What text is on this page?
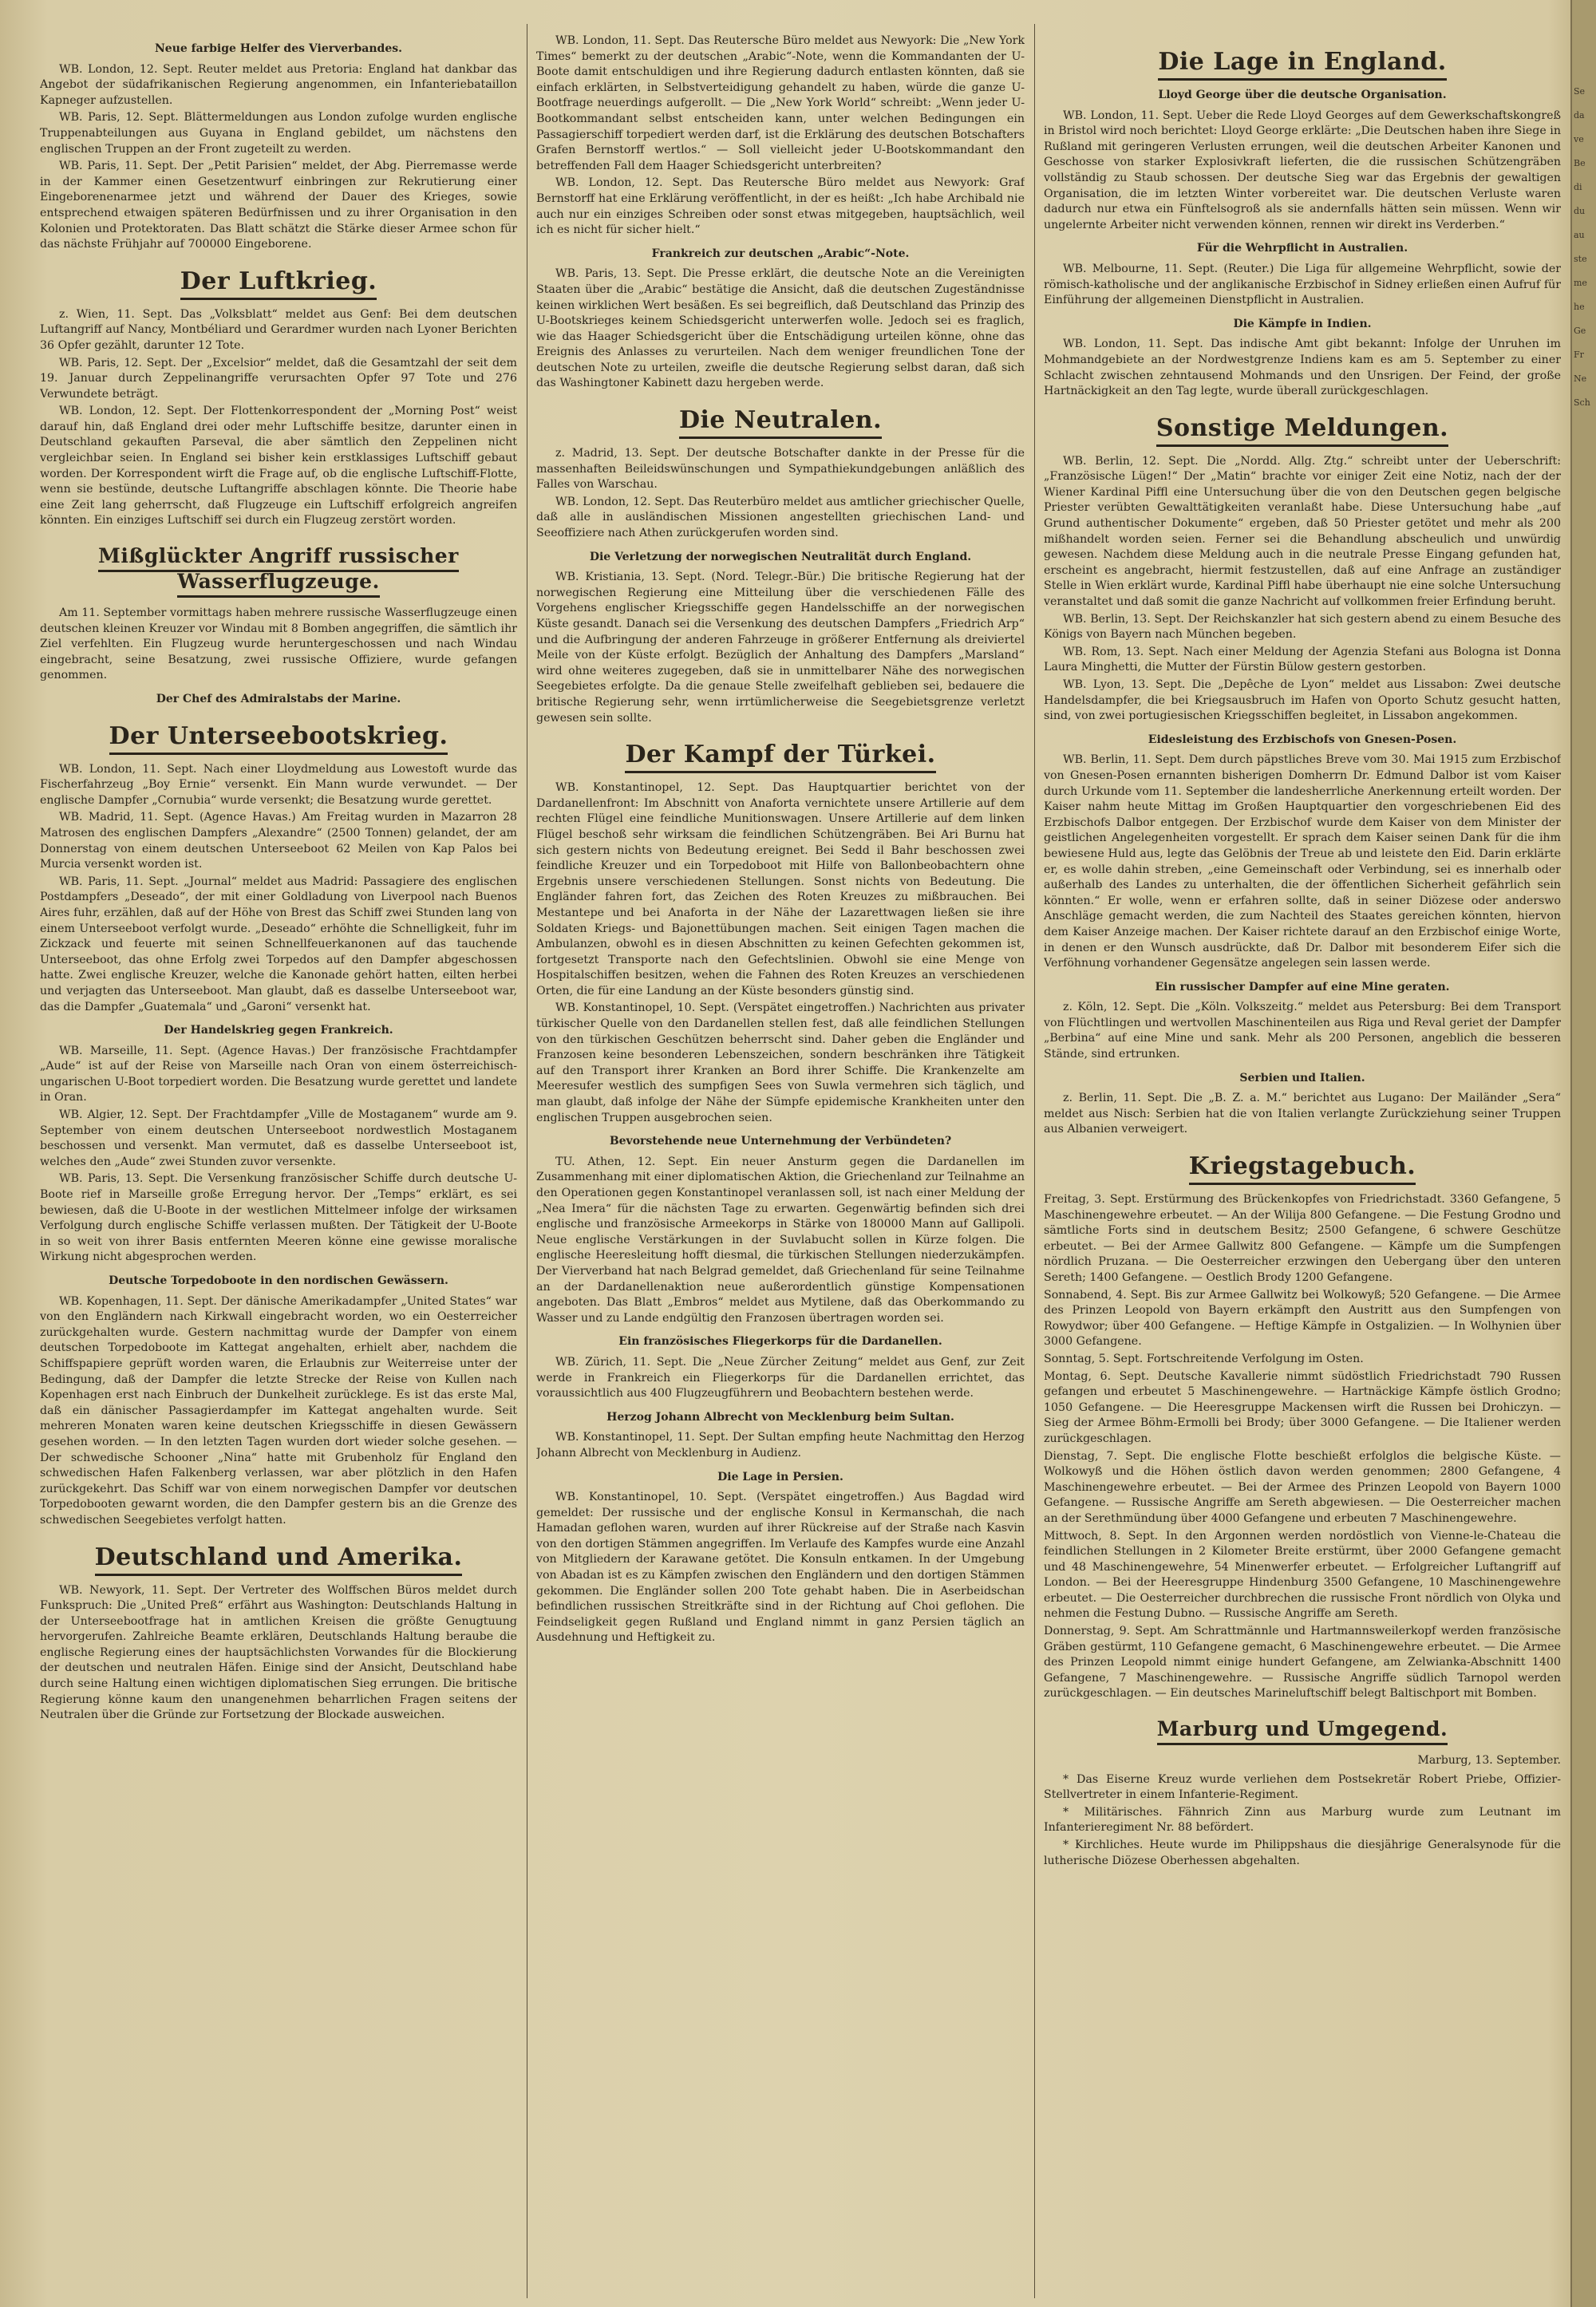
Neue farbige Helfer des Vierverbandes.

WB. London, 12. Sept. Reuter meldet aus Pretoria: England hat dankbar das Angebot der südafrikanischen Regierung angenommen, ein Infanteriebataillon Kapneger aufzustellen.

WB. Paris, 12. Sept. Blättermeldungen aus London zufolge wurden englische Truppenabteilungen aus Guyana in England gebildet, um nächstens den englischen Truppen an der Front zugeteilt zu werden.

WB. Paris, 11. Sept. Der „Petit Parisien“ meldet, der Abg. Pierremasse werde in der Kammer einen Gesetzentwurf einbringen zur Rekrutierung einer Eingeborenenarmee jetzt und während der Dauer des Krieges, sowie entsprechend etwaigen späteren Bedürfnissen und zu ihrer Organisation in den Kolonien und Protektoraten. Das Blatt schätzt die Stärke dieser Armee schon für das nächste Frühjahr auf 700000 Eingeborene.

Der Luftkrieg.

z. Wien, 11. Sept. Das „Volksblatt“ meldet aus Genf: Bei dem deutschen Luftangriff auf Nancy, Montbéliard und Gerardmer wurden nach Lyoner Berichten 36 Opfer gezählt, darunter 12 Tote.

WB. Paris, 12. Sept. Der „Excelsior“ meldet, daß die Gesamtzahl der seit dem 19. Januar durch Zeppelinangriffe verursachten Opfer 97 Tote und 276 Verwundete beträgt.

WB. London, 12. Sept. Der Flottenkorrespondent der „Morning Post“ weist darauf hin, daß England drei oder mehr Luftschiffe besitze, darunter einen in Deutschland gekauften Parseval, die aber sämtlich den Zeppelinen nicht vergleichbar seien. In England sei bisher kein erstklassiges Luftschiff gebaut worden. Der Korrespondent wirft die Frage auf, ob die englische Luftschiff-Flotte, wenn sie bestünde, deutsche Luftangriffe abschlagen könnte. Die Theorie habe eine Zeit lang geherrscht, daß Flugzeuge ein Luftschiff erfolgreich angreifen könnten. Ein einziges Luftschiff sei durch ein Flugzeug zerstört worden.

Mißglückter Angriff russischer Wasserflugzeuge.

Am 11. September vormittags haben mehrere russische Wasserflugzeuge einen deutschen kleinen Kreuzer vor Windau mit 8 Bomben angegriffen, die sämtlich ihr Ziel verfehlten. Ein Flugzeug wurde heruntergeschossen und nach Windau eingebracht, seine Besatzung, zwei russische Offiziere, wurde gefangen genommen.

Der Chef des Admiralstabs der Marine.
Der Unterseebootskrieg.

WB. London, 11. Sept. Nach einer Lloydmeldung aus Lowestoft wurde das Fischerfahrzeug „Boy Ernie“ versenkt. Ein Mann wurde verwundet. — Der englische Dampfer „Cornubia“ wurde versenkt; die Besatzung wurde gerettet.

WB. Madrid, 11. Sept. (Agence Havas.) Am Freitag wurden in Mazarron 28 Matrosen des englischen Dampfers „Alexandre“ (2500 Tonnen) gelandet, der am Donnerstag von einem deutschen Unterseeboot 62 Meilen von Kap Palos bei Murcia versenkt worden ist.

WB. Paris, 11. Sept. „Journal“ meldet aus Madrid: Passagiere des englischen Postdampfers „Deseado“, der mit einer Goldladung von Liverpool nach Buenos Aires fuhr, erzählen, daß auf der Höhe von Brest das Schiff zwei Stunden lang von einem Unterseeboot verfolgt wurde. „Deseado“ erhöhte die Schnelligkeit, fuhr im Zickzack und feuerte mit seinen Schnellfeuerkanonen auf das tauchende Unterseeboot, das ohne Erfolg zwei Torpedos auf den Dampfer abgeschossen hatte. Zwei englische Kreuzer, welche die Kanonade gehört hatten, eilten herbei und verjagten das Unterseeboot. Man glaubt, daß es dasselbe Unterseeboot war, das die Dampfer „Guatemala“ und „Garoni“ versenkt hat.

Der Handelskrieg gegen Frankreich.

WB. Marseille, 11. Sept. (Agence Havas.) Der französische Frachtdampfer „Aude“ ist auf der Reise von Marseille nach Oran von einem österreichisch-ungarischen U-Boot torpediert worden. Die Besatzung wurde gerettet und landete in Oran.

WB. Algier, 12. Sept. Der Frachtdampfer „Ville de Mostaganem“ wurde am 9. September von einem deutschen Unterseeboot nordwestlich Mostaganem beschossen und versenkt. Man vermutet, daß es dasselbe Unterseeboot ist, welches den „Aude“ zwei Stunden zuvor versenkte.

WB. Paris, 13. Sept. Die Versenkung französischer Schiffe durch deutsche U-Boote rief in Marseille große Erregung hervor. Der „Temps“ erklärt, es sei bewiesen, daß die U-Boote in der westlichen Mittelmeer infolge der wirksamen Verfolgung durch englische Schiffe verlassen mußten. Der Tätigkeit der U-Boote in so weit von ihrer Basis entfernten Meeren könne eine gewisse moralische Wirkung nicht abgesprochen werden.

Deutsche Torpedoboote in den nordischen Gewässern.

WB. Kopenhagen, 11. Sept. Der dänische Amerikadampfer „United States“ war von den Engländern nach Kirkwall eingebracht worden, wo ein Oesterreicher zurückgehalten wurde. Gestern nachmittag wurde der Dampfer von einem deutschen Torpedoboote im Kattegat angehalten, erhielt aber, nachdem die Schiffspapiere geprüft worden waren, die Erlaubnis zur Weiterreise unter der Bedingung, daß der Dampfer die letzte Strecke der Reise von Kullen nach Kopenhagen erst nach Einbruch der Dunkelheit zurücklege. Es ist das erste Mal, daß ein dänischer Passagierdampfer im Kattegat angehalten wurde. Seit mehreren Monaten waren keine deutschen Kriegsschiffe in diesen Gewässern gesehen worden. — In den letzten Tagen wurden dort wieder solche gesehen. — Der schwedische Schooner „Nina“ hatte mit Grubenholz für England den schwedischen Hafen Falkenberg verlassen, war aber plötzlich in den Hafen zurückgekehrt. Das Schiff war von einem norwegischen Dampfer vor deutschen Torpedobooten gewarnt worden, die den Dampfer gestern bis an die Grenze des schwedischen Seegebietes verfolgt hatten.

Deutschland und Amerika.

WB. Newyork, 11. Sept. Der Vertreter des Wolffschen Büros meldet durch Funkspruch: Die „United Preß“ erfährt aus Washington: Deutschlands Haltung in der Unterseebootfrage hat in amtlichen Kreisen die größte Genugtuung hervorgerufen. Zahlreiche Beamte erklären, Deutschlands Haltung beraube die englische Regierung eines der hauptsächlichsten Vorwandes für die Blockierung der deutschen und neutralen Häfen. Einige sind der Ansicht, Deutschland habe durch seine Haltung einen wichtigen diplomatischen Sieg errungen. Die britische Regierung könne kaum den unangenehmen beharrlichen Fragen seitens der Neutralen über die Gründe zur Fortsetzung der Blockade ausweichen.

WB. London, 11. Sept. Das Reutersche Büro meldet aus Newyork: Die „New York Times“ bemerkt zu der deutschen „Arabic“-Note, wenn die Kommandanten der U-Boote damit entschuldigen und ihre Regierung dadurch entlasten könnten, daß sie einfach erklärten, in Selbstverteidigung gehandelt zu haben, würde die ganze U-Bootfrage neuerdings aufgerollt. — Die „New York World“ schreibt: „Wenn jeder U-Bootkommandant selbst entscheiden kann, unter welchen Bedingungen ein Passagierschiff torpediert werden darf, ist die Erklärung des deutschen Botschafters Grafen Bernstorff wertlos.“ — Soll vielleicht jeder U-Bootskommandant den betreffenden Fall dem Haager Schiedsgericht unterbreiten?

WB. London, 12. Sept. Das Reutersche Büro meldet aus Newyork: Graf Bernstorff hat eine Erklärung veröffentlicht, in der es heißt: „Ich habe Archibald nie auch nur ein einziges Schreiben oder sonst etwas mitgegeben, hauptsächlich, weil ich es nicht für sicher hielt.“

Frankreich zur deutschen „Arabic“-Note.

WB. Paris, 13. Sept. Die Presse erklärt, die deutsche Note an die Vereinigten Staaten über die „Arabic“ bestätige die Ansicht, daß die deutschen Zugeständnisse keinen wirklichen Wert besäßen. Es sei begreiflich, daß Deutschland das Prinzip des U-Bootskrieges keinem Schiedsgericht unterwerfen wolle. Jedoch sei es fraglich, wie das Haager Schiedsgericht über die Entschädigung urteilen könne, ohne das Ereignis des Anlasses zu verurteilen. Nach dem weniger freundlichen Tone der deutschen Note zu urteilen, zweifle die deutsche Regierung selbst daran, daß sich das Washingtoner Kabinett dazu hergeben werde.

Die Neutralen.

z. Madrid, 13. Sept. Der deutsche Botschafter dankte in der Presse für die massenhaften Beileidswünschungen und Sympathiekundgebungen anläßlich des Falles von Warschau.

WB. London, 12. Sept. Das Reuterbüro meldet aus amtlicher griechischer Quelle, daß alle in ausländischen Missionen angestellten griechischen Land- und Seeoffiziere nach Athen zurückgerufen worden sind.

Die Verletzung der norwegischen Neutralität durch England.

WB. Kristiania, 13. Sept. (Nord. Telegr.-Bür.) Die britische Regierung hat der norwegischen Regierung eine Mitteilung über die verschiedenen Fälle des Vorgehens englischer Kriegsschiffe gegen Handelsschiffe an der norwegischen Küste gesandt. Danach sei die Versenkung des deutschen Dampfers „Friedrich Arp“ und die Aufbringung der anderen Fahrzeuge in größerer Entfernung als dreiviertel Meile von der Küste erfolgt. Bezüglich der Anhaltung des Dampfers „Marsland“ wird ohne weiteres zugegeben, daß sie in unmittelbarer Nähe des norwegischen Seegebietes erfolgte. Da die genaue Stelle zweifelhaft geblieben sei, bedauere die britische Regierung sehr, wenn irrtümlicherweise die Seegebietsgrenze verletzt gewesen sein sollte.

Der Kampf der Türkei.

WB. Konstantinopel, 12. Sept. Das Hauptquartier berichtet von der Dardanellenfront: Im Abschnitt von Anaforta vernichtete unsere Artillerie auf dem rechten Flügel eine feindliche Munitionswagen. Unsere Artillerie auf dem linken Flügel beschoß sehr wirksam die feindlichen Schützengräben. Bei Ari Burnu hat sich gestern nichts von Bedeutung ereignet. Bei Sedd il Bahr beschossen zwei feindliche Kreuzer und ein Torpedoboot mit Hilfe von Ballonbeobachtern ohne Ergebnis unsere verschiedenen Stellungen. Sonst nichts von Bedeutung. Die Engländer fahren fort, das Zeichen des Roten Kreuzes zu mißbrauchen. Bei Mestantepe und bei Anaforta in der Nähe der Lazarettwagen ließen sie ihre Soldaten Kriegs- und Bajonettübungen machen. Seit einigen Tagen machen die Ambulanzen, obwohl es in diesen Abschnitten zu keinen Gefechten gekommen ist, fortgesetzt Transporte nach den Gefechtslinien. Obwohl sie eine Menge von Hospitalschiffen besitzen, wehen die Fahnen des Roten Kreuzes an verschiedenen Orten, die für eine Landung an der Küste besonders günstig sind.

WB. Konstantinopel, 10. Sept. (Verspätet eingetroffen.) Nachrichten aus privater türkischer Quelle von den Dardanellen stellen fest, daß alle feindlichen Stellungen von den türkischen Geschützen beherrscht sind. Daher geben die Engländer und Franzosen keine besonderen Lebenszeichen, sondern beschränken ihre Tätigkeit auf den Transport ihrer Kranken an Bord ihrer Schiffe. Die Krankenzelte am Meeresufer westlich des sumpfigen Sees von Suwla vermehren sich täglich, und man glaubt, daß infolge der Nähe der Sümpfe epidemische Krankheiten unter den englischen Truppen ausgebrochen seien.

Bevorstehende neue Unternehmung der Verbündeten?

TU. Athen, 12. Sept. Ein neuer Ansturm gegen die Dardanellen im Zusammenhang mit einer diplomatischen Aktion, die Griechenland zur Teilnahme an den Operationen gegen Konstantinopel veranlassen soll, ist nach einer Meldung der „Nea Imera“ für die nächsten Tage zu erwarten. Gegenwärtig befinden sich drei englische und französische Armeekorps in Stärke von 180000 Mann auf Gallipoli. Neue englische Verstärkungen in der Suvlabucht sollen in Kürze folgen. Die englische Heeresleitung hofft diesmal, die türkischen Stellungen niederzukämpfen. Der Vierverband hat nach Belgrad gemeldet, daß Griechenland für seine Teilnahme an der Dardanellenaktion neue außerordentlich günstige Kompensationen angeboten. Das Blatt „Embros“ meldet aus Mytilene, daß das Oberkommando zu Wasser und zu Lande endgültig den Franzosen übertragen worden sei.

Ein französisches Fliegerkorps für die Dardanellen.

WB. Zürich, 11. Sept. Die „Neue Zürcher Zeitung“ meldet aus Genf, zur Zeit werde in Frankreich ein Fliegerkorps für die Dardanellen errichtet, das voraussichtlich aus 400 Flugzeugführern und Beobachtern bestehen werde.

Herzog Johann Albrecht von Mecklenburg beim Sultan.

WB. Konstantinopel, 11. Sept. Der Sultan empfing heute Nachmittag den Herzog Johann Albrecht von Mecklenburg in Audienz.

Die Lage in Persien.

WB. Konstantinopel, 10. Sept. (Verspätet eingetroffen.) Aus Bagdad wird gemeldet: Der russische und der englische Konsul in Kermanschah, die nach Hamadan geflohen waren, wurden auf ihrer Rückreise auf der Straße nach Kasvin von den dortigen Stämmen angegriffen. Im Verlaufe des Kampfes wurde eine Anzahl von Mitgliedern der Karawane getötet. Die Konsuln entkamen. In der Umgebung von Abadan ist es zu Kämpfen zwischen den Engländern und den dortigen Stämmen gekommen. Die Engländer sollen 200 Tote gehabt haben. Die in Aserbeidschan befindlichen russischen Streitkräfte sind in der Richtung auf Choi geflohen. Die Feindseligkeit gegen Rußland und England nimmt in ganz Persien täglich an Ausdehnung und Heftigkeit zu.

Die Lage in England.
Lloyd George über die deutsche Organisation.

WB. London, 11. Sept. Ueber die Rede Lloyd Georges auf dem Gewerkschaftskongreß in Bristol wird noch berichtet: Lloyd George erklärte: „Die Deutschen haben ihre Siege in Rußland mit geringeren Verlusten errungen, weil die deutschen Arbeiter Kanonen und Geschosse von starker Explosivkraft lieferten, die die russischen Schützengräben vollständig zu Staub schossen. Der deutsche Sieg war das Ergebnis der gewaltigen Organisation, die im letzten Winter vorbereitet war. Die deutschen Verluste waren dadurch nur etwa ein Fünftelsogroß als sie andernfalls hätten sein müssen. Wenn wir ungelernte Arbeiter nicht verwenden können, rennen wir direkt ins Verderben.“

Für die Wehrpflicht in Australien.

WB. Melbourne, 11. Sept. (Reuter.) Die Liga für allgemeine Wehrpflicht, sowie der römisch-katholische und der anglikanische Erzbischof in Sidney erließen einen Aufruf für Einführung der allgemeinen Dienstpflicht in Australien.

Die Kämpfe in Indien.

WB. London, 11. Sept. Das indische Amt gibt bekannt: Infolge der Unruhen im Mohmandgebiete an der Nordwestgrenze Indiens kam es am 5. September zu einer Schlacht zwischen zehntausend Mohmands und den Unsrigen. Der Feind, der große Hartnäckigkeit an den Tag legte, wurde überall zurückgeschlagen.

Sonstige Meldungen.

WB. Berlin, 12. Sept. Die „Nordd. Allg. Ztg.“ schreibt unter der Ueberschrift: „Französische Lügen!“ Der „Matin“ brachte vor einiger Zeit eine Notiz, nach der der Wiener Kardinal Piffl eine Untersuchung über die von den Deutschen gegen belgische Priester verübten Gewalttätigkeiten veranlaßt habe. Diese Untersuchung habe „auf Grund authentischer Dokumente“ ergeben, daß 50 Priester getötet und mehr als 200 mißhandelt worden seien. Ferner sei die Behandlung abscheulich und unwürdig gewesen. Nachdem diese Meldung auch in die neutrale Presse Eingang gefunden hat, erscheint es angebracht, hiermit festzustellen, daß auf eine Anfrage an zuständiger Stelle in Wien erklärt wurde, Kardinal Piffl habe überhaupt nie eine solche Untersuchung veranstaltet und daß somit die ganze Nachricht auf vollkommen freier Erfindung beruht.

WB. Berlin, 13. Sept. Der Reichskanzler hat sich gestern abend zu einem Besuche des Königs von Bayern nach München begeben.

WB. Rom, 13. Sept. Nach einer Meldung der Agenzia Stefani aus Bologna ist Donna Laura Minghetti, die Mutter der Fürstin Bülow gestern gestorben.

WB. Lyon, 13. Sept. Die „Depêche de Lyon“ meldet aus Lissabon: Zwei deutsche Handelsdampfer, die bei Kriegsausbruch im Hafen von Oporto Schutz gesucht hatten, sind, von zwei portugiesischen Kriegsschiffen begleitet, in Lissabon angekommen.

Eidesleistung des Erzbischofs von Gnesen-Posen.

WB. Berlin, 11. Sept. Dem durch päpstliches Breve vom 30. Mai 1915 zum Erzbischof von Gnesen-Posen ernannten bisherigen Domherrn Dr. Edmund Dalbor ist vom Kaiser durch Urkunde vom 11. September die landesherrliche Anerkennung erteilt worden. Der Kaiser nahm heute Mittag im Großen Hauptquartier den vorgeschriebenen Eid des Erzbischofs Dalbor entgegen. Der Erzbischof wurde dem Kaiser von dem Minister der geistlichen Angelegenheiten vorgestellt. Er sprach dem Kaiser seinen Dank für die ihm bewiesene Huld aus, legte das Gelöbnis der Treue ab und leistete den Eid. Darin erklärte er, es wolle dahin streben, „eine Gemeinschaft oder Verbindung, sei es innerhalb oder außerhalb des Landes zu unterhalten, die der öffentlichen Sicherheit gefährlich sein könnten.“ Er wolle, wenn er erfahren sollte, daß in seiner Diözese oder anderswo Anschläge gemacht werden, die zum Nachteil des Staates gereichen könnten, hiervon dem Kaiser Anzeige machen. Der Kaiser richtete darauf an den Erzbischof einige Worte, in denen er den Wunsch ausdrückte, daß Dr. Dalbor mit besonderem Eifer sich die Verföhnung vorhandener Gegensätze angelegen sein lassen werde.

Ein russischer Dampfer auf eine Mine geraten.

z. Köln, 12. Sept. Die „Köln. Volkszeitg.“ meldet aus Petersburg: Bei dem Transport von Flüchtlingen und wertvollen Maschinenteilen aus Riga und Reval geriet der Dampfer „Berbina“ auf eine Mine und sank. Mehr als 200 Personen, angeblich die besseren Stände, sind ertrunken.

Serbien und Italien.

z. Berlin, 11. Sept. Die „B. Z. a. M.“ berichtet aus Lugano: Der Mailänder „Sera“ meldet aus Nisch: Serbien hat die von Italien verlangte Zurückziehung seiner Truppen aus Albanien verweigert.

Kriegstagebuch.

Freitag, 3. Sept. Erstürmung des Brückenkopfes von Friedrichstadt. 3360 Gefangene, 5 Maschinengewehre erbeutet. — An der Wilija 800 Gefangene. — Die Festung Grodno und sämtliche Forts sind in deutschem Besitz; 2500 Gefangene, 6 schwere Geschütze erbeutet. — Bei der Armee Gallwitz 800 Gefangene. — Kämpfe um die Sumpfengen nördlich Pruzana. — Die Oesterreicher erzwingen den Uebergang über den unteren Sereth; 1400 Gefangene. — Oestlich Brody 1200 Gefangene.

Sonnabend, 4. Sept. Bis zur Armee Gallwitz bei Wolkowyß; 520 Gefangene. — Die Armee des Prinzen Leopold von Bayern erkämpft den Austritt aus den Sumpfengen von Rowydwor; über 400 Gefangene. — Heftige Kämpfe in Ostgalizien. — In Wolhynien über 3000 Gefangene.

Sonntag, 5. Sept. Fortschreitende Verfolgung im Osten.

Montag, 6. Sept. Deutsche Kavallerie nimmt südöstlich Friedrichstadt 790 Russen gefangen und erbeutet 5 Maschinengewehre. — Hartnäckige Kämpfe östlich Grodno; 1050 Gefangene. — Die Heeresgruppe Mackensen wirft die Russen bei Drohiczyn. — Sieg der Armee Böhm-Ermolli bei Brody; über 3000 Gefangene. — Die Italiener werden zurückgeschlagen.

Dienstag, 7. Sept. Die englische Flotte beschießt erfolglos die belgische Küste. — Wolkowyß und die Höhen östlich davon werden genommen; 2800 Gefangene, 4 Maschinengewehre erbeutet. — Bei der Armee des Prinzen Leopold von Bayern 1000 Gefangene. — Russische Angriffe am Sereth abgewiesen. — Die Oesterreicher machen an der Serethmündung über 4000 Gefangene und erbeuten 7 Maschinengewehre.

Mittwoch, 8. Sept. In den Argonnen werden nordöstlich von Vienne-le-Chateau die feindlichen Stellungen in 2 Kilometer Breite erstürmt, über 2000 Gefangene gemacht und 48 Maschinengewehre, 54 Minenwerfer erbeutet. — Erfolgreicher Luftangriff auf London. — Bei der Heeresgruppe Hindenburg 3500 Gefangene, 10 Maschinengewehre erbeutet. — Die Oesterreicher durchbrechen die russische Front nördlich von Olyka und nehmen die Festung Dubno. — Russische Angriffe am Sereth.

Donnerstag, 9. Sept. Am Schrattmännle und Hartmannsweilerkopf werden französische Gräben gestürmt, 110 Gefangene gemacht, 6 Maschinengewehre erbeutet. — Die Armee des Prinzen Leopold nimmt einige hundert Gefangene, am Zelwianka-Abschnitt 1400 Gefangene, 7 Maschinengewehre. — Russische Angriffe südlich Tarnopol werden zurückgeschlagen. — Ein deutsches Marineluftschiff belegt Baltischport mit Bomben.

Marburg und Umgegend.
Marburg, 13. September.

* Das Eiserne Kreuz wurde verliehen dem Postsekretär Robert Priebe, Offizier-Stellvertreter in einem Infanterie-Regiment.

* Militärisches. Fähnrich Zinn aus Marburg wurde zum Leutnant im Infanterieregiment Nr. 88 befördert.

* Kirchliches. Heute wurde im Philippshaus die diesjährige Generalsynode für die lutherische Diözese Oberhessen abgehalten.

Se
da
ve
Be
di
du
au
ste
me
he
Ge
Fr
Ne
Sch
